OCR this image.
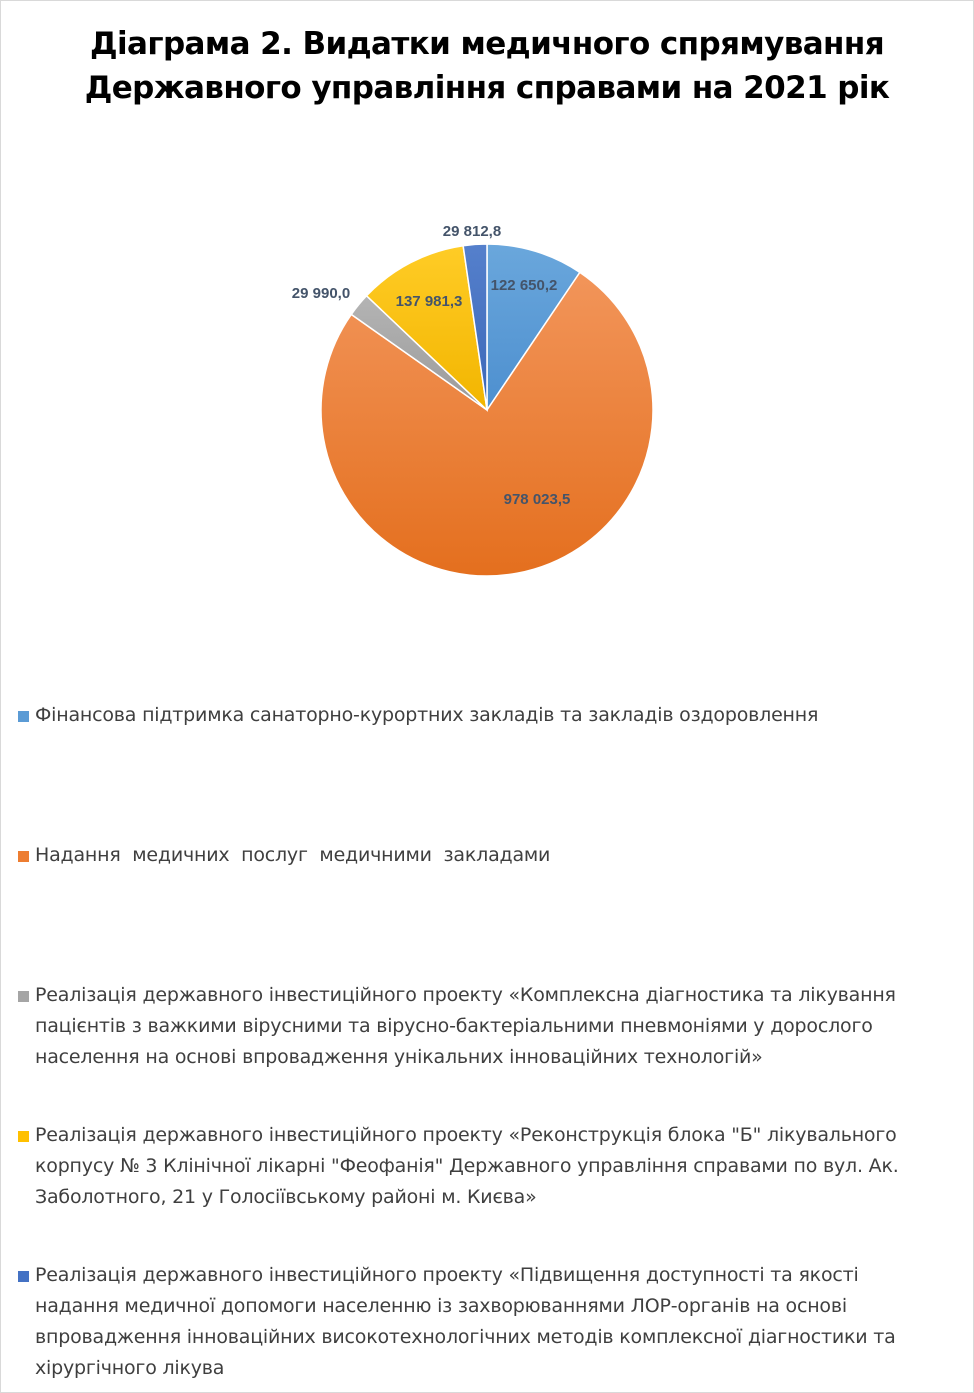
Діаграма 2. Видатки медичного спрямування
Державного управління справами на 2021 рік
122 650,2
978 023,5
29 990,0	137 981,3
29 812,8
Фінансова підтримка санаторно-курортних закладів та закладів оздоровлення
Надання  медичних  послуг  медичними  закладами
Реалізація державного інвестиційного проекту «Комплексна діагностика та лікування
пацієнтів з важкими вірусними та вірусно-бактеріальними пневмоніями у дорослого
населення на основі впровадження унікальних інноваційних технологій»
Реалізація державного інвестиційного проекту «Реконструкція блока "Б" лікувального
корпусу № 3 Клінічної лікарні "Феофанія" Державного управління справами по вул. Ак.
Заболотного, 21 у Голосіївському районі м. Києва»
Реалізація державного інвестиційного проекту «Підвищення доступності та якості
надання медичної допомоги населенню із захворюваннями ЛОР-органів на основі
впровадження інноваційних високотехнологічних методів комплексної діагностики та
хірургічного лікува
